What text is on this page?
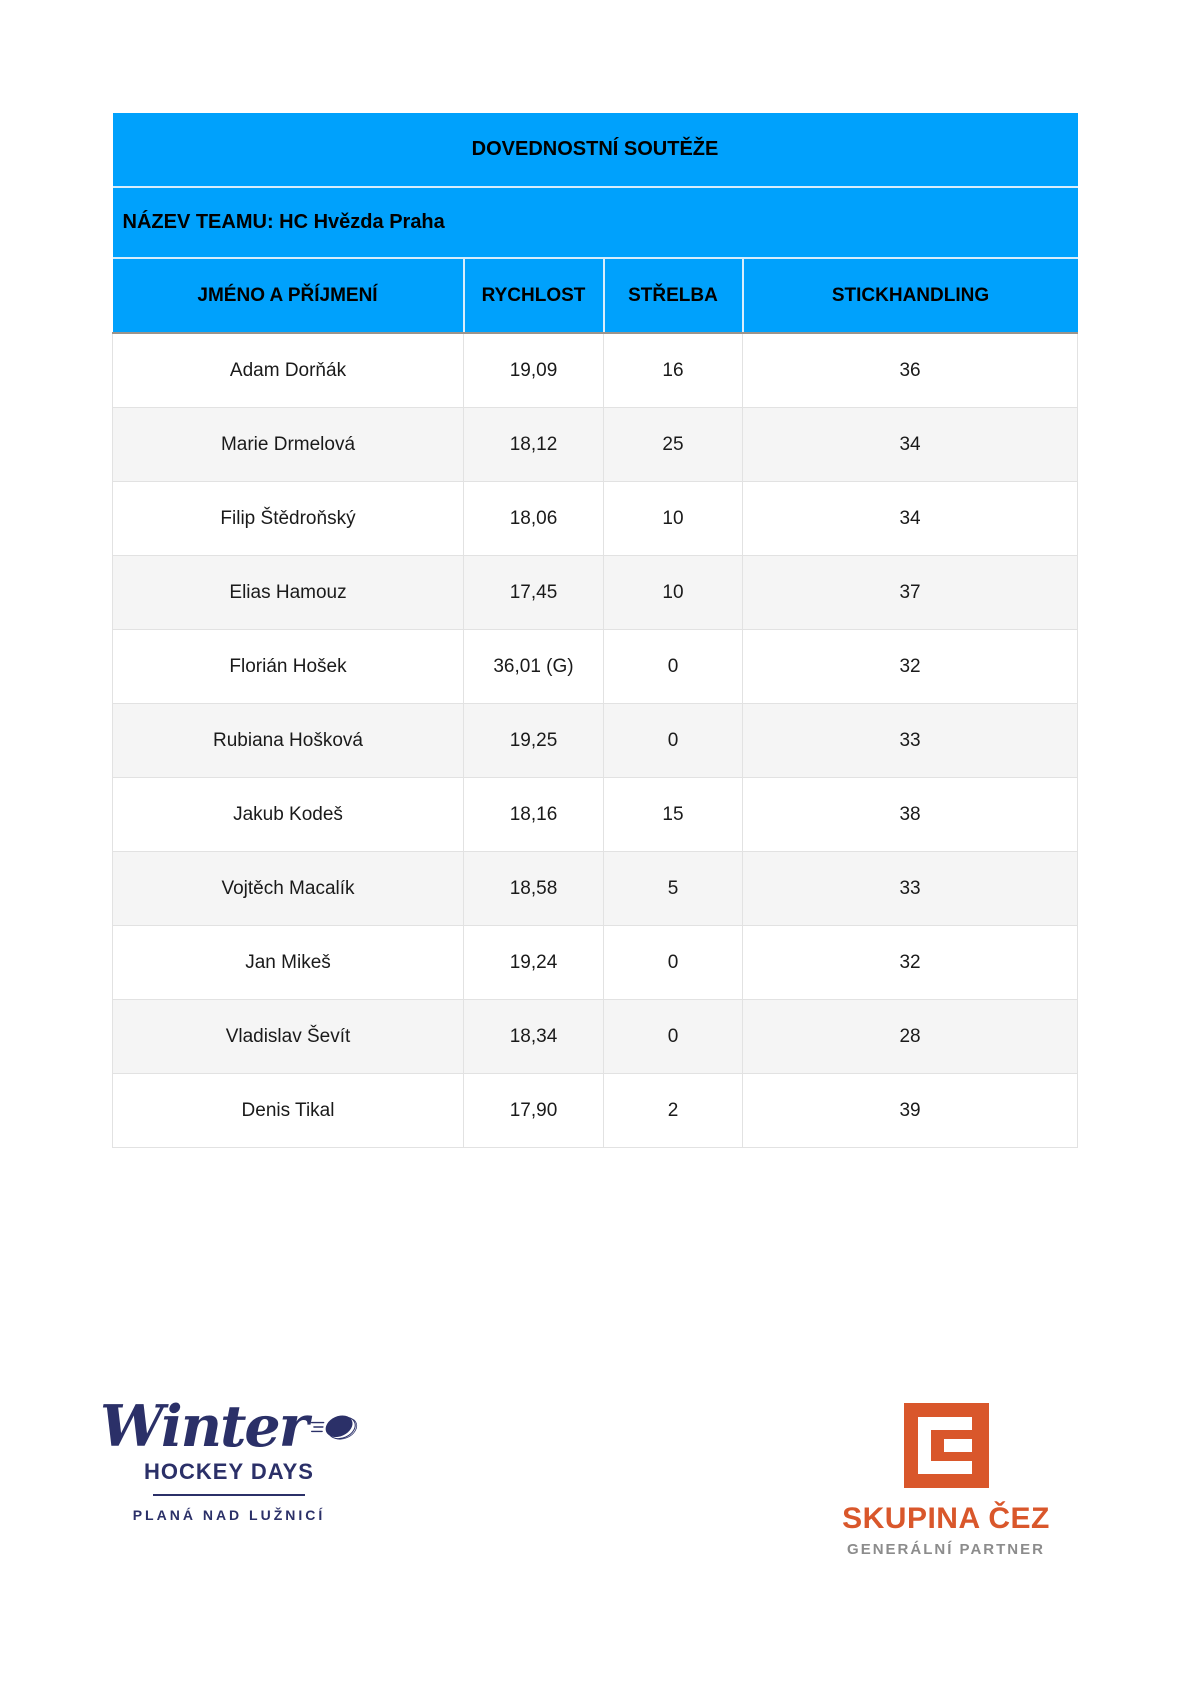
DOVEDNOSTNÍ SOUTĚŽE			
NÁZEV TEAMU: HC Hvězda Praha			
JMÉNO A PŘÍJMENÍ	RYCHLOST	STŘELBA	STICKHANDLING
Adam Dorňák	19,09	16	36
Marie Drmelová	18,12	25	34
Filip Štědroňský	18,06	10	34
Elias Hamouz	17,45	10	37
Florián Hošek	36,01 (G)	0	32
Rubiana Hošková	19,25	0	33
Jakub Kodeš	18,16	15	38
Vojtěch Macalík	18,58	5	33
Jan Mikeš	19,24	0	32
Vladislav Ševít	18,34	0	28
Denis Tikal	17,90	2	39
Winter
HOCKEY DAYS
PLANÁ NAD LUŽNICÍ	SKUPINA ČEZ
GENERÁLNÍ PARTNER
